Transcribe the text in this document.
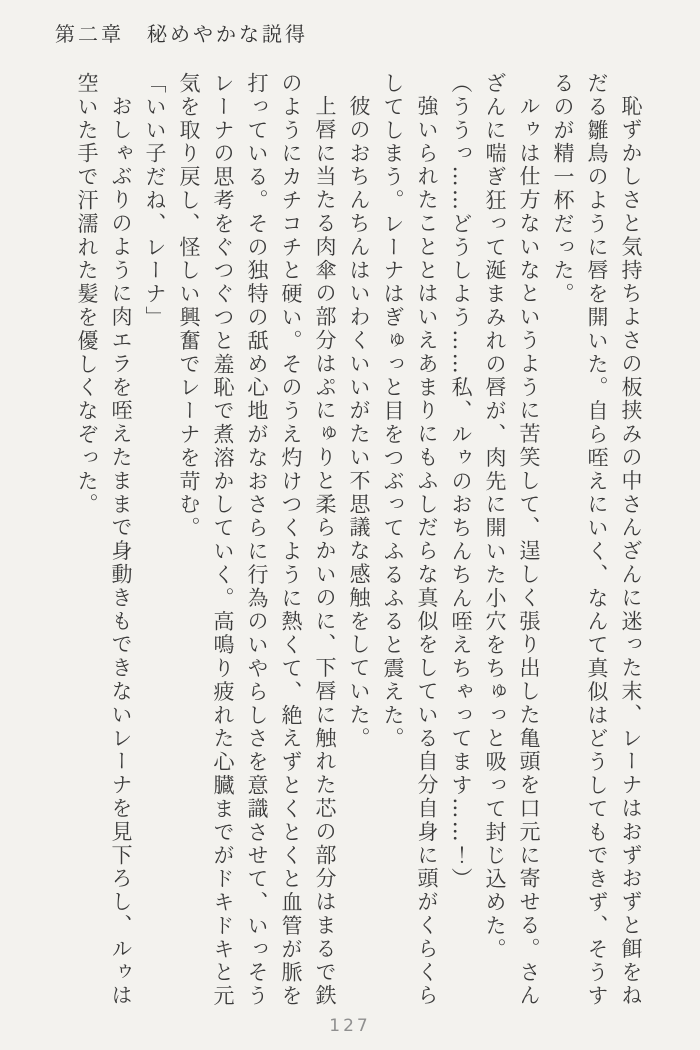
第二章　秘めやかな説得

恥ずかしさと気持ちよさの板挟みの中さんざんに迷った末、レーナはおずおずと餌をねだる雛鳥のように唇を開いた。自ら咥えにいく、なんて真似はどうしてもできず、そうするのが精一杯だった。

ルゥは仕方ないなというように苦笑して、逞しく張り出した亀頭を口元に寄せる。さんざんに喘ぎ狂って涎まみれの唇が、肉先に開いた小穴をちゅっと吸って封じ込めた。

（ううっ……どうしよう……私、ルゥのおちんちん咥えちゃってます……！）

強いられたこととはいえあまりにもふしだらな真似をしている自分自身に頭がくらくらしてしまう。レーナはぎゅっと目をつぶってふるふると震えた。

彼のおちんちんはいわくいいがたい不思議な感触をしていた。

上唇に当たる肉傘の部分はぷにゅりと柔らかいのに、下唇に触れた芯の部分はまるで鉄のようにカチコチと硬い。そのうえ灼けつくように熱くて、絶えずとくとくと血管が脈を打っている。その独特の舐め心地がなおさらに行為のいやらしさを意識させて、いっそうレーナの思考をぐつぐつと羞恥で煮溶かしていく。高鳴り疲れた心臓までがドキドキと元気を取り戻し、怪しい興奮でレーナを苛む。

「いい子だね、レーナ」

おしゃぶりのように肉エラを咥えたままで身動きもできないレーナを見下ろし、ルゥは空いた手で汗濡れた髪を優しくなぞった。

127
